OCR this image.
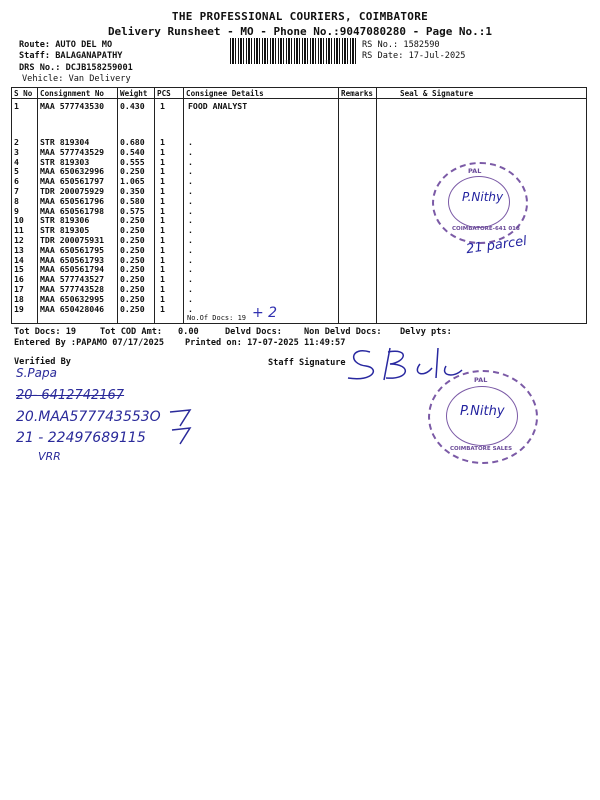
THE PROFESSIONAL COURIERS, COIMBATORE
Delivery Runsheet - MO - Phone No.:9047080280 - Page No.:1
Route: AUTO DEL MO
Staff: BALAGANAPATHY
DRS No.: DCJB158259001
Vehicle: Van Delivery
RS No.: 1582590
RS Date: 17-Jul-2025
S No Consignment No Weight PCS Consignee Details	Remarks	Seal & Signature
1	MAA 577743530 0.430 1	FOOD ANALYST
2	STR 819304	0.680 1	.
3	MAA 577743529 0.540 1	.
4	STR 819303	0.555 1	.
5	MAA 650632996 0.250 1	.
6	MAA 650561797 1.065 1	.
7	TDR 200075929 0.350 1	.
8	MAA 650561796 0.580 1	.
9	MAA 650561798 0.575 1	.
10 STR 819306	0.250 1	.
11 STR 819305	0.250 1	.
12 TDR 200075931 0.250 1	.
13 MAA 650561795 0.250 1	.
14 MAA 650561793 0.250 1	.
15 MAA 650561794 0.250 1	.
16 MAA 577743527 0.250 1	.
17 MAA 577743528 0.250 1	.
18 MAA 650632995 0.250 1	.
19 MAA 650428046 0.250 1	.
No.Of Docs: 19 + 2
PAL
COIMBATORE-641 018
P.Nithy
21 parcel
Tot Docs: 19	Tot COD Amt: 0.00	Delvd Docs:	Non Delvd Docs: Delvy pts:
Entered By :PAPAMO 07/17/2025 Printed on: 17-07-2025 11:49:57
Verified By	Staff Signature
S.Papa
20- 6412742167
20.MAA577743553O
21 - 22497689115
VRR
PAL
COIMBATORE SALES
P.Nithy
